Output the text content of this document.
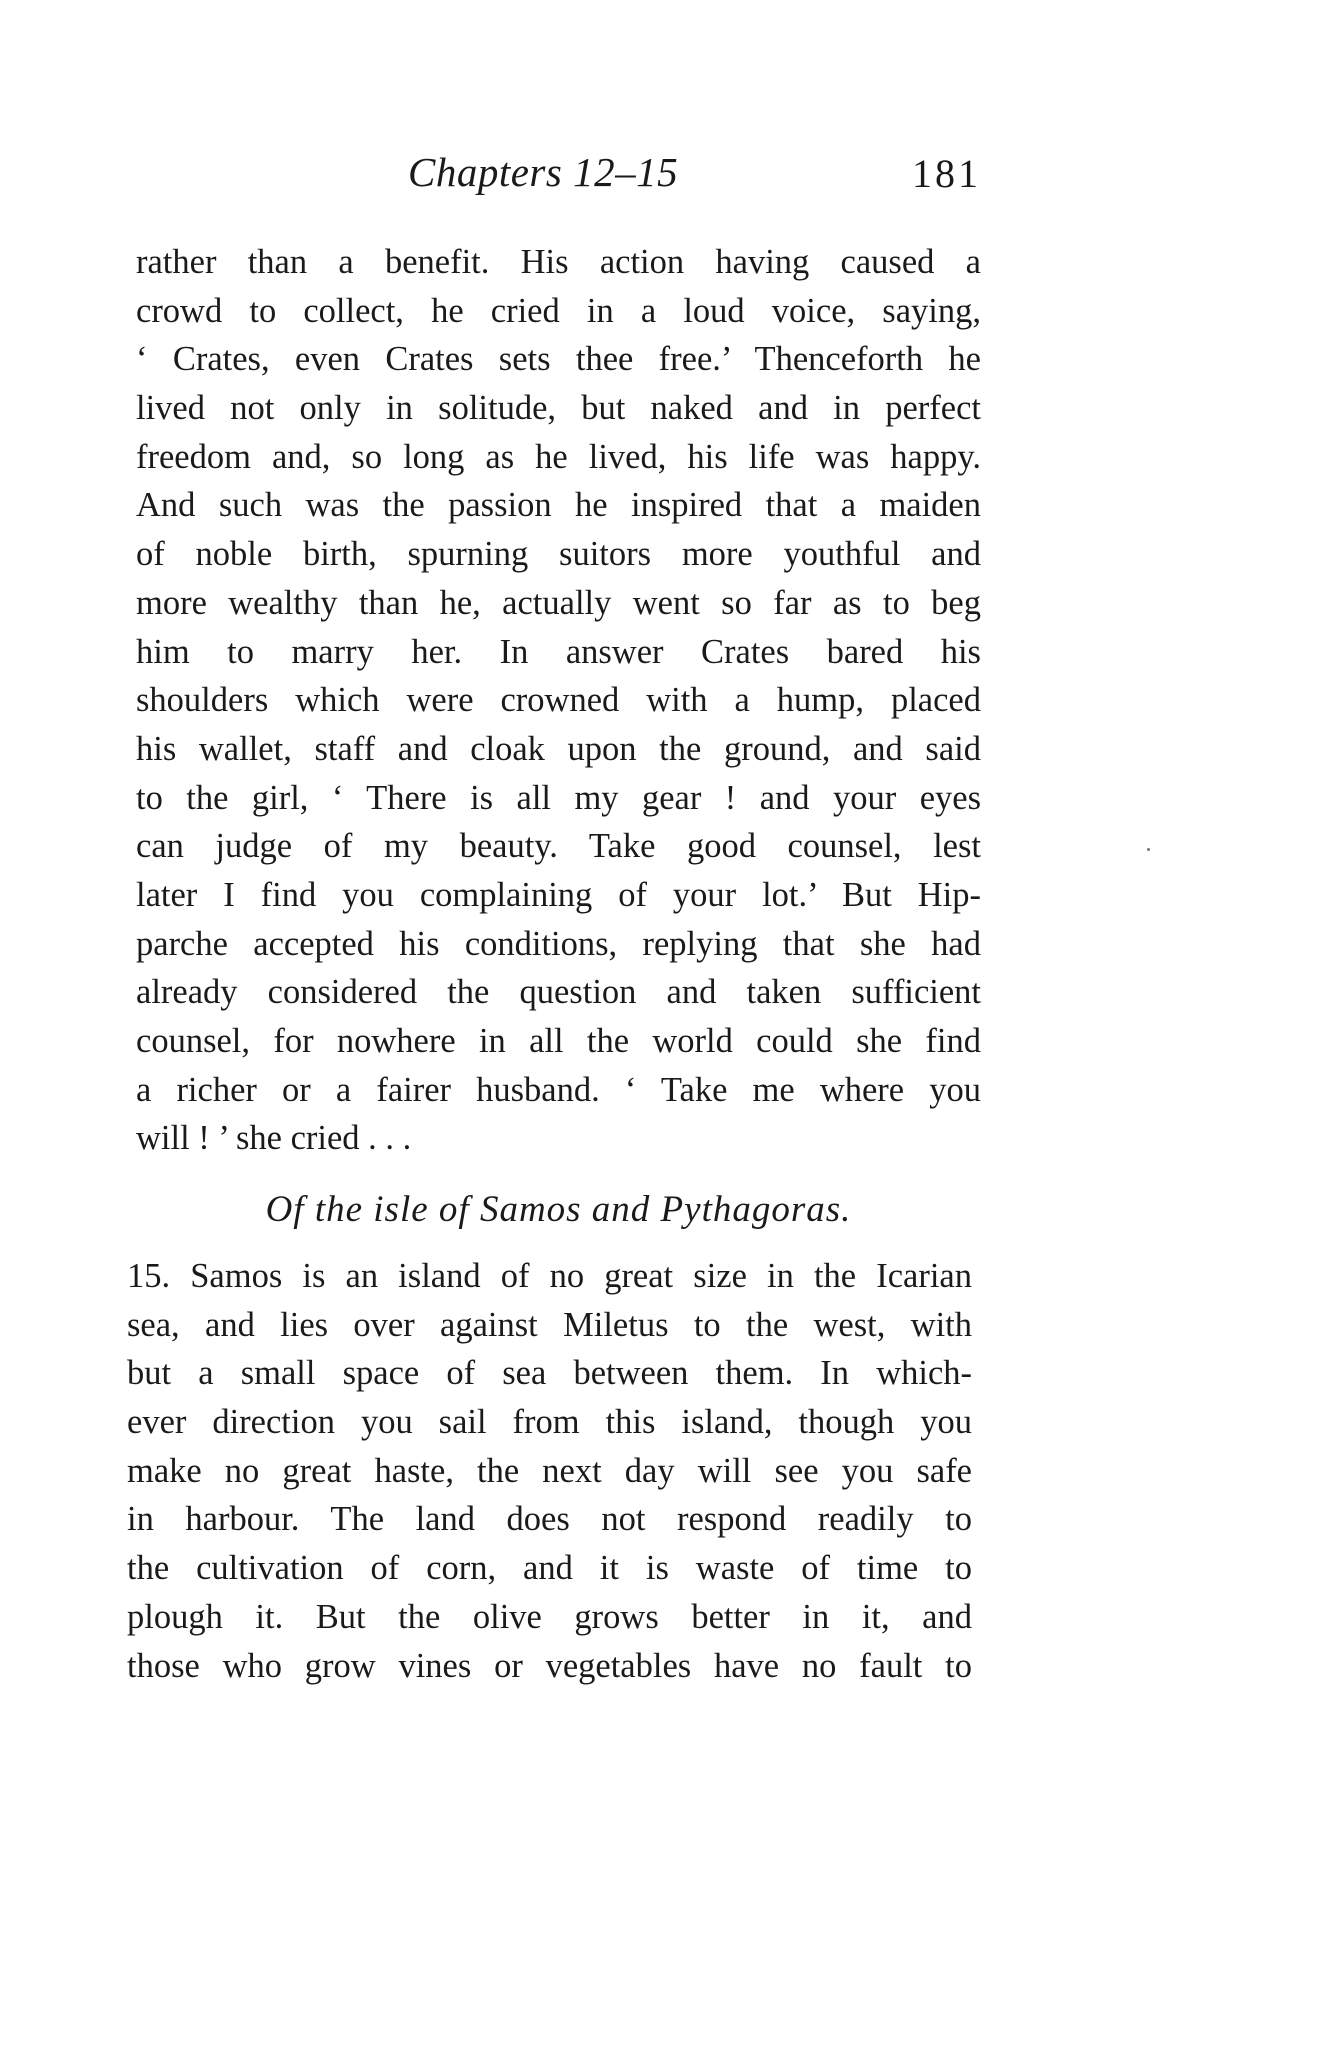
Chapters 12–15	181
rather than a benefit. His action having caused a
crowd to collect, he cried in a loud voice, saying,
‘ Crates, even Crates sets thee free.’ Thenceforth he
lived not only in solitude, but naked and in perfect
freedom and, so long as he lived, his life was happy.
And such was the passion he inspired that a maiden
of noble birth, spurning suitors more youthful and
more wealthy than he, actually went so far as to beg
him to marry her. In answer Crates bared his
shoulders which were crowned with a hump, placed
his wallet, staff and cloak upon the ground, and said
to the girl, ‘ There is all my gear ! and your eyes
can judge of my beauty. Take good counsel, lest
later I find you complaining of your lot.’ But Hip-
parche accepted his conditions, replying that she had
already considered the question and taken sufficient
counsel, for nowhere in all the world could she find
a richer or a fairer husband. ‘ Take me where you
will ! ’ she cried . . .
Of the isle of Samos and Pythagoras.
15. Samos is an island of no great size in the Icarian
sea, and lies over against Miletus to the west, with
but a small space of sea between them. In which-
ever direction you sail from this island, though you
make no great haste, the next day will see you safe
in harbour. The land does not respond readily to
the cultivation of corn, and it is waste of time to
plough it. But the olive grows better in it, and
those who grow vines or vegetables have no fault to
